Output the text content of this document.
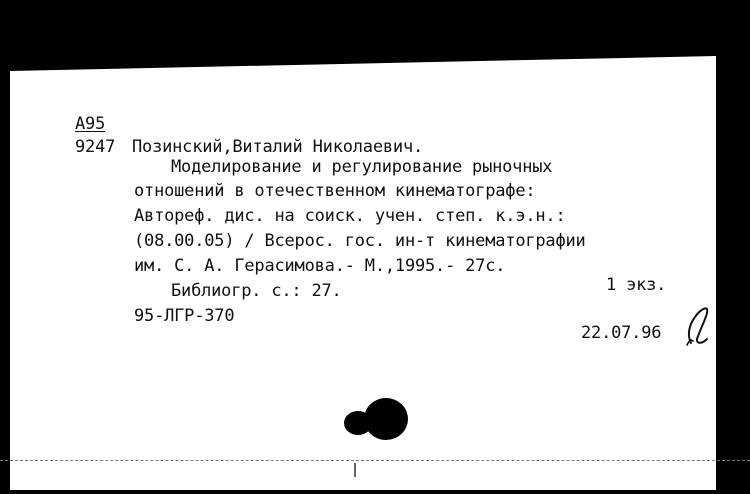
А95
9247 Позинский,Виталий Николаевич.
Моделирование и регулирование рыночных
отношений в отечественном кинематографе:
Автореф. дис. на соиск. учен. степ. к.э.н.:
(08.00.05) / Всерос. гос. ин-т кинематографии
им. С. А. Герасимова.- М.,1995.- 27с.
Библиогр. с.: 27.	1 экз.
95-ЛГР-370
22.07.96
